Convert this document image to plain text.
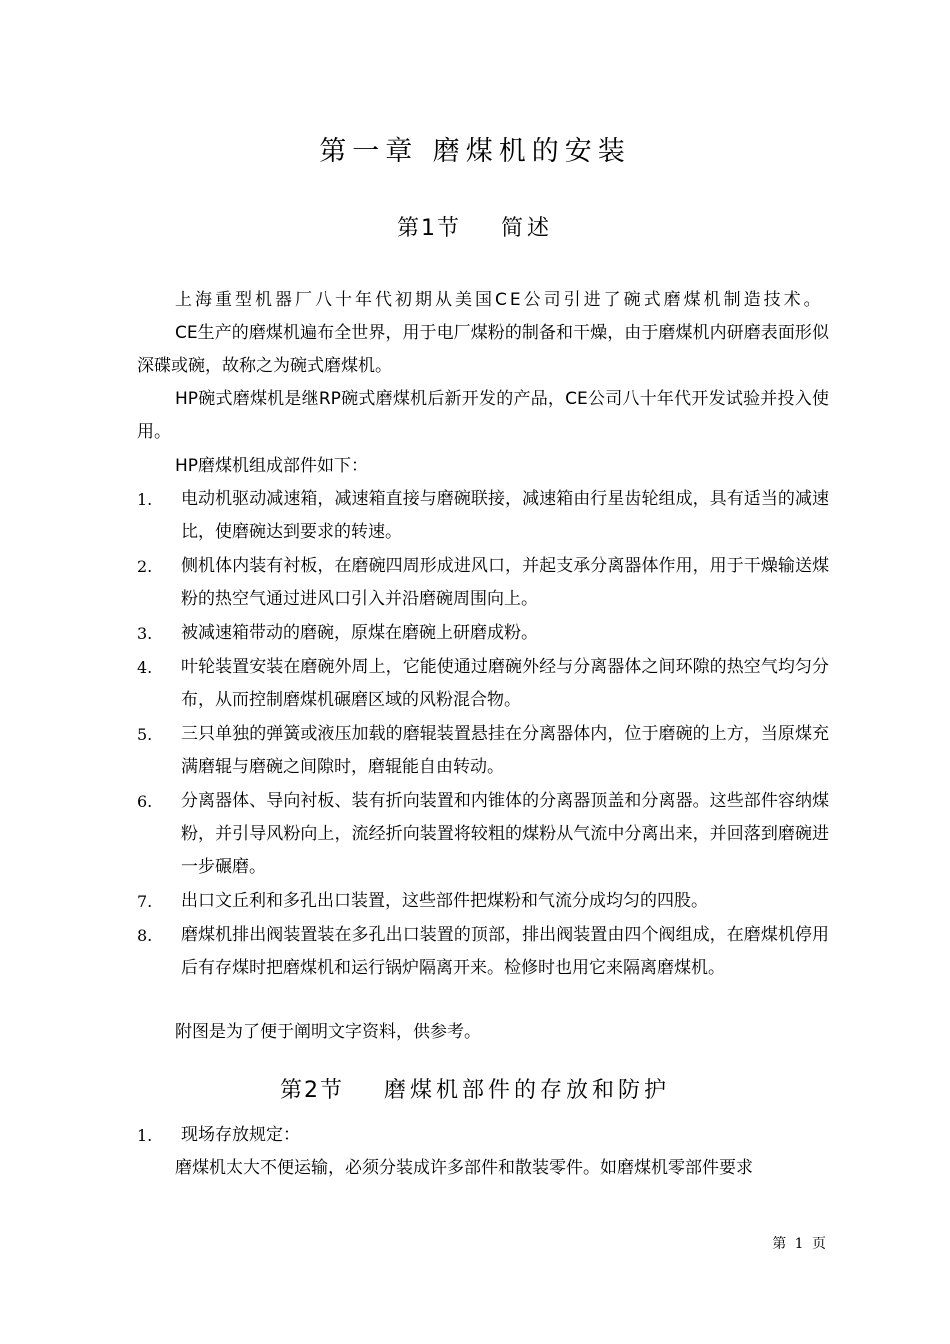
第一章 磨煤机的安装
第1节 简述

上海重型机器厂八十年代初期从美国CE公司引进了碗式磨煤机制造技术。

CE生产的磨煤机遍布全世界，用于电厂煤粉的制备和干燥，由于磨煤机内研磨表面形似深碟或碗，故称之为碗式磨煤机。

HP碗式磨煤机是继RP碗式磨煤机后新开发的产品，CE公司八十年代开发试验并投入使用。

HP磨煤机组成部件如下：

1. 电动机驱动减速箱，减速箱直接与磨碗联接，减速箱由行星齿轮组成，具有适当的减速比，使磨碗达到要求的转速。
2. 侧机体内装有衬板，在磨碗四周形成进风口，并起支承分离器体作用，用于干燥输送煤粉的热空气通过进风口引入并沿磨碗周围向上。
3. 被减速箱带动的磨碗，原煤在磨碗上研磨成粉。
4. 叶轮装置安装在磨碗外周上，它能使通过磨碗外经与分离器体之间环隙的热空气均匀分布，从而控制磨煤机碾磨区域的风粉混合物。
5. 三只单独的弹簧或液压加载的磨辊装置悬挂在分离器体内，位于磨碗的上方，当原煤充满磨辊与磨碗之间隙时，磨辊能自由转动。
6. 分离器体、导向衬板、装有折向装置和内锥体的分离器顶盖和分离器。这些部件容纳煤粉，并引导风粉向上，流经折向装置将较粗的煤粉从气流中分离出来，并回落到磨碗进一步碾磨。
7. 出口文丘利和多孔出口装置，这些部件把煤粉和气流分成均匀的四股。
8. 磨煤机排出阀装置装在多孔出口装置的顶部，排出阀装置由四个阀组成，在磨煤机停用后有存煤时把磨煤机和运行锅炉隔离开来。检修时也用它来隔离磨煤机。

附图是为了便于阐明文字资料，供参考。

第2节 磨煤机部件的存放和防护
1. 现场存放规定：

磨煤机太大不便运输，必须分装成许多部件和散装零件。如磨煤机零部件要求

第 1 页
